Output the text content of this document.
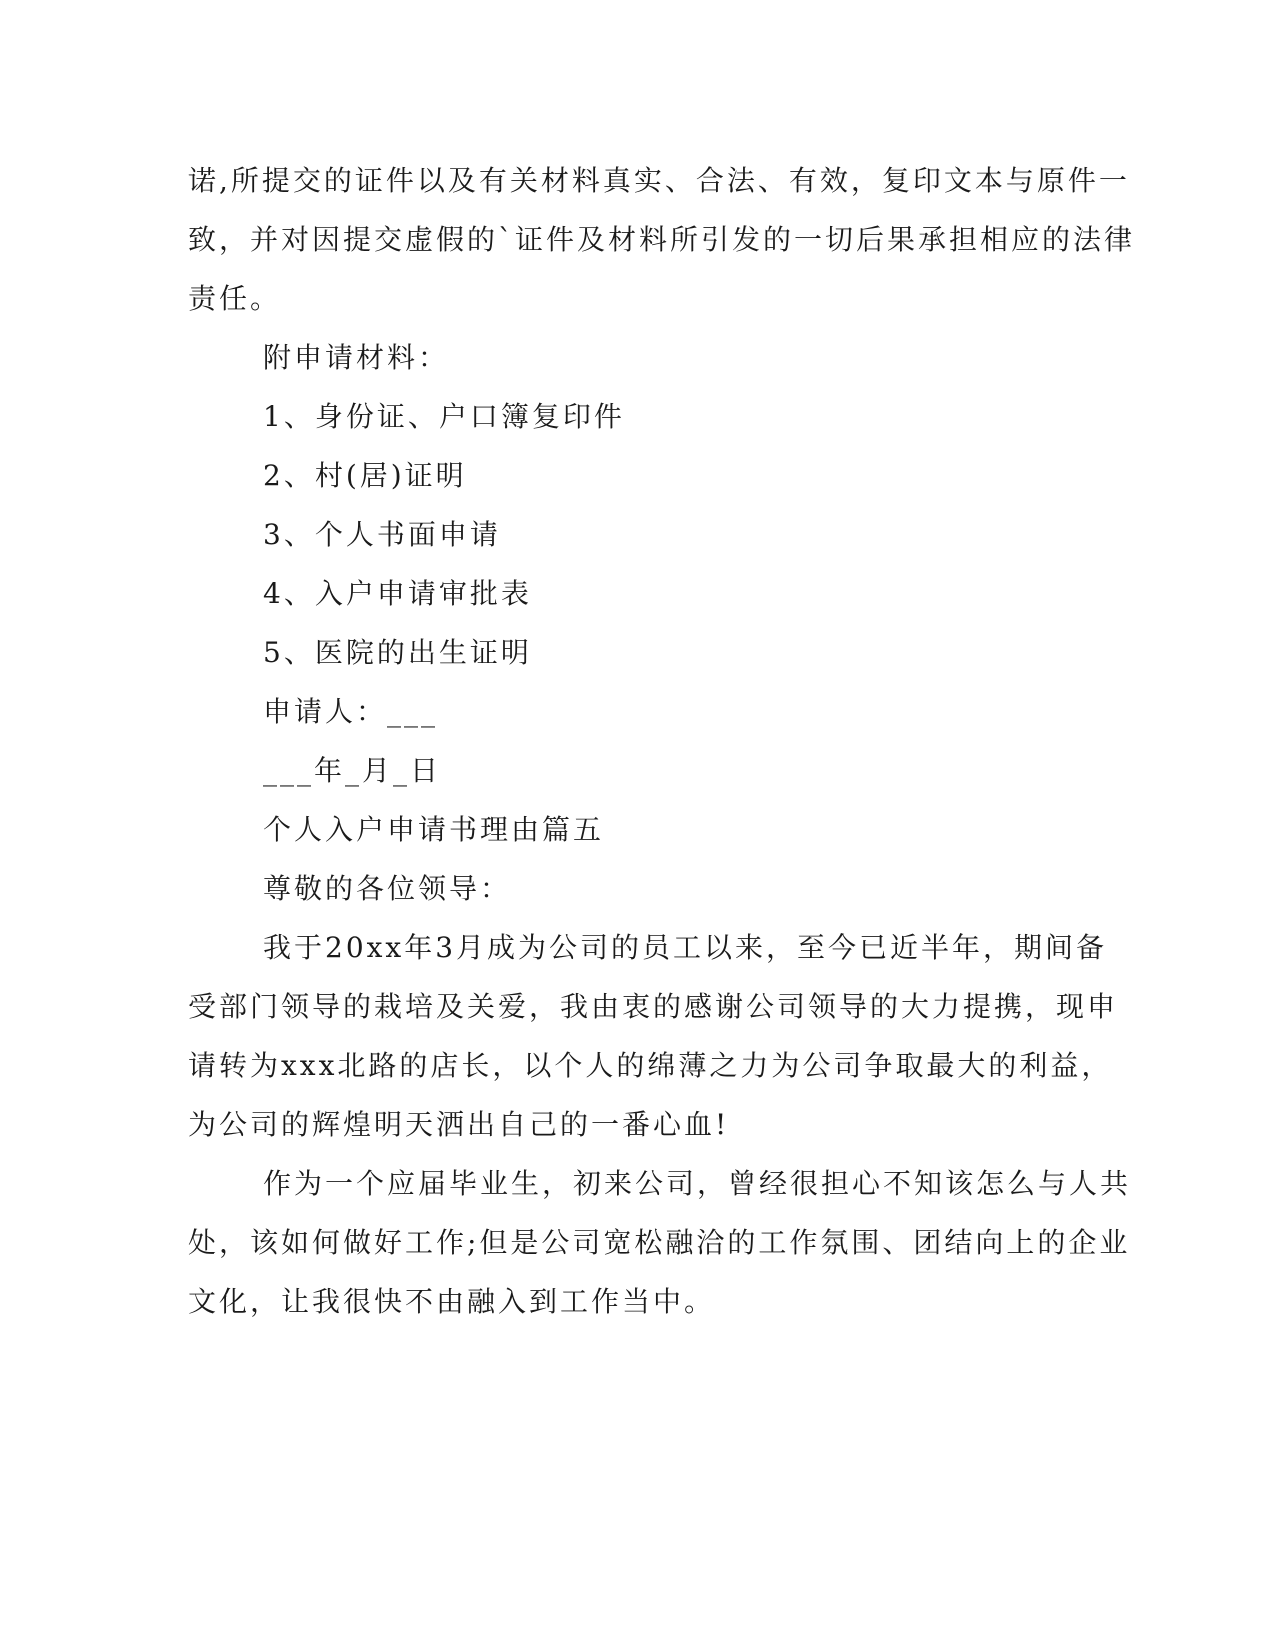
诺,所提交的证件以及有关材料真实、合法、有效，复印文本与原件一
致，并对因提交虚假的`证件及材料所引发的一切后果承担相应的法律
责任。
附申请材料：
1、身份证、户口簿复印件
2、村(居)证明
3、个人书面申请
4、入户申请审批表
5、医院的出生证明
申请人：___
___年_月_日
个人入户申请书理由篇五
尊敬的各位领导：
我于20xx年3月成为公司的员工以来，至今已近半年，期间备
受部门领导的栽培及关爱，我由衷的感谢公司领导的大力提携，现申
请转为xxx北路的店长，以个人的绵薄之力为公司争取最大的利益，
为公司的辉煌明天洒出自己的一番心血!
作为一个应届毕业生，初来公司，曾经很担心不知该怎么与人共
处，该如何做好工作;但是公司宽松融洽的工作氛围、团结向上的企业
文化，让我很快不由融入到工作当中。
